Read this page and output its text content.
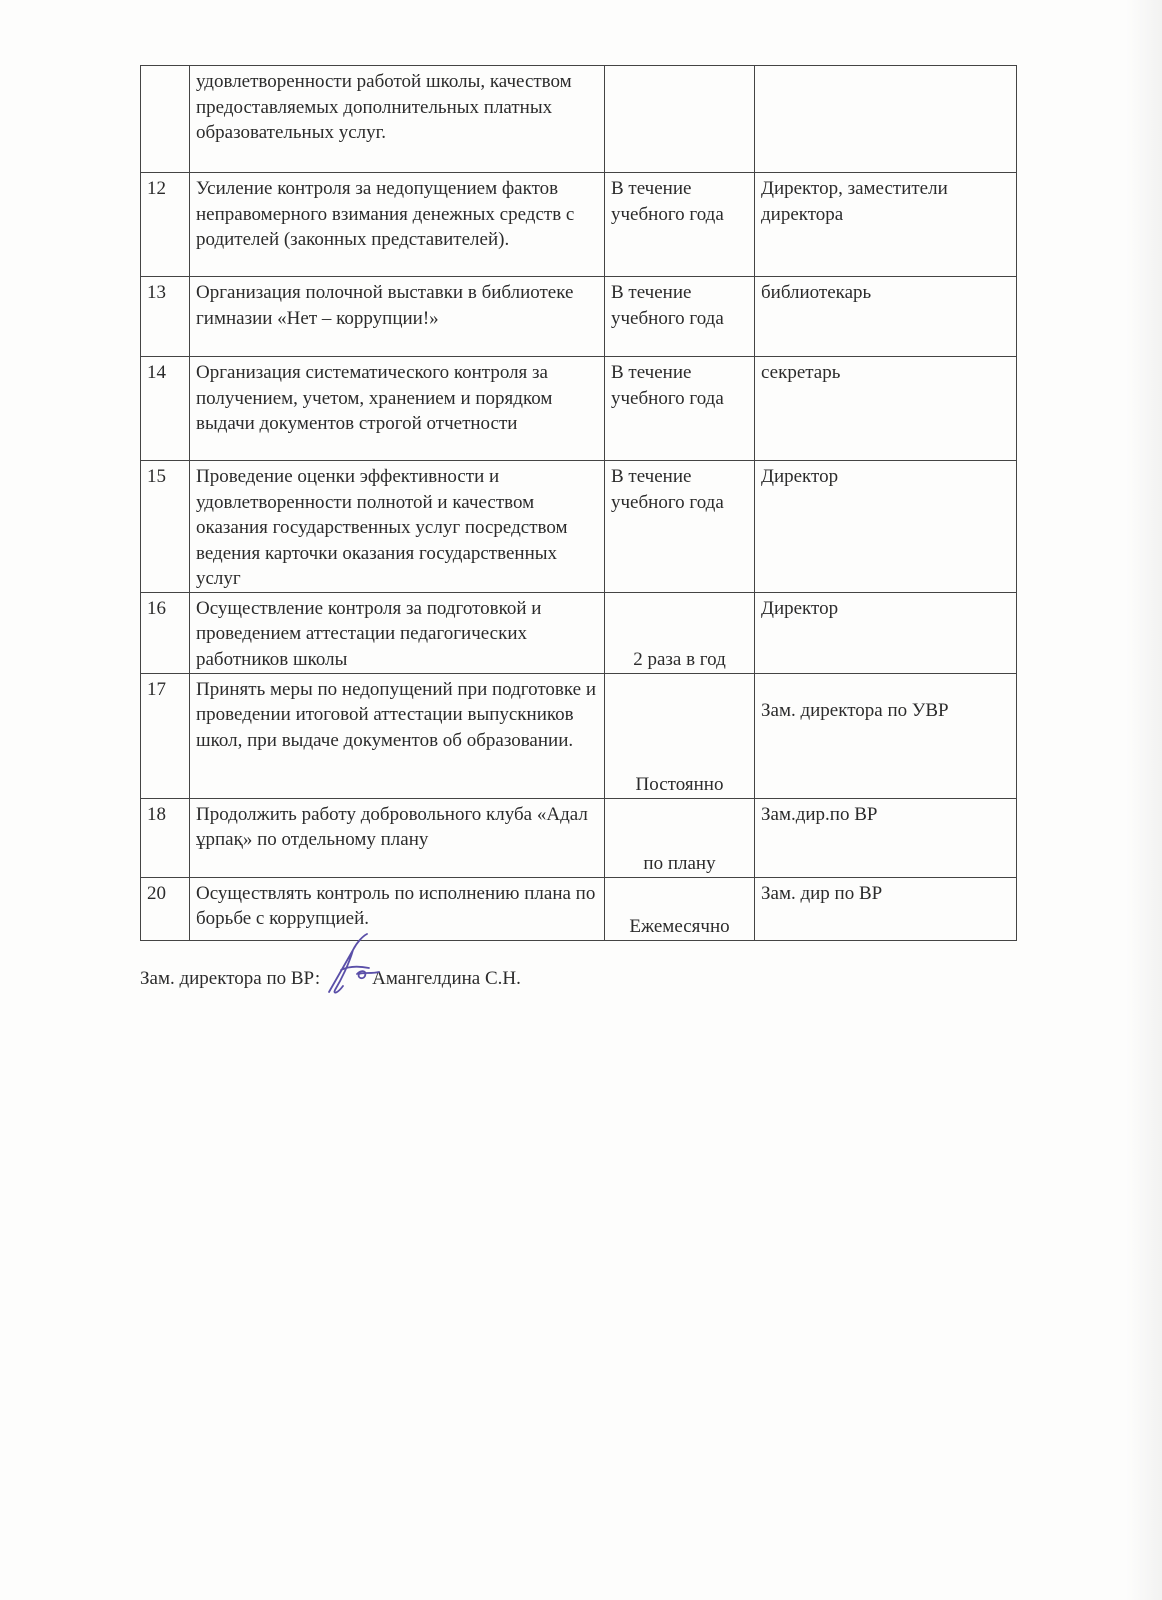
	удовлетворенности работой школы, качеством предоставляемых дополнительных платных образовательных услуг.		
12	Усиление контроля за недопущением фактов неправомерного взимания денежных средств с родителей (законных представителей).	В течение учебного года	Директор, заместители директора
13	Организация полочной выставки в библиотеке гимназии «Нет – коррупции!»	В течение учебного года	библиотекарь
14	Организация систематического контроля за получением, учетом, хранением и порядком выдачи документов строгой отчетности	В течение учебного года	секретарь
15	Проведение оценки эффективности и удовлетворенности полнотой и качеством оказания государственных услуг посредством ведения карточки оказания государственных услуг	В течение учебного года	Директор
16	Осуществление контроля за подготовкой и проведением аттестации педагогических работников школы	2 раза в год	Директор
17	Принять меры по недопущений при подготовке и проведении итоговой аттестации выпускников школ, при выдаче документов об образовании.	Постоянно	Зам. директора по УВР
18	Продолжить работу добровольного клуба «Адал ұрпақ» по отдельному плану	по плану	Зам.дир.по ВР
20	Осуществлять контроль по исполнению плана по борьбе с коррупцией.	Ежемесячно	Зам. дир по ВР
Зам. директора по ВР:	Амангелдина С.Н.
